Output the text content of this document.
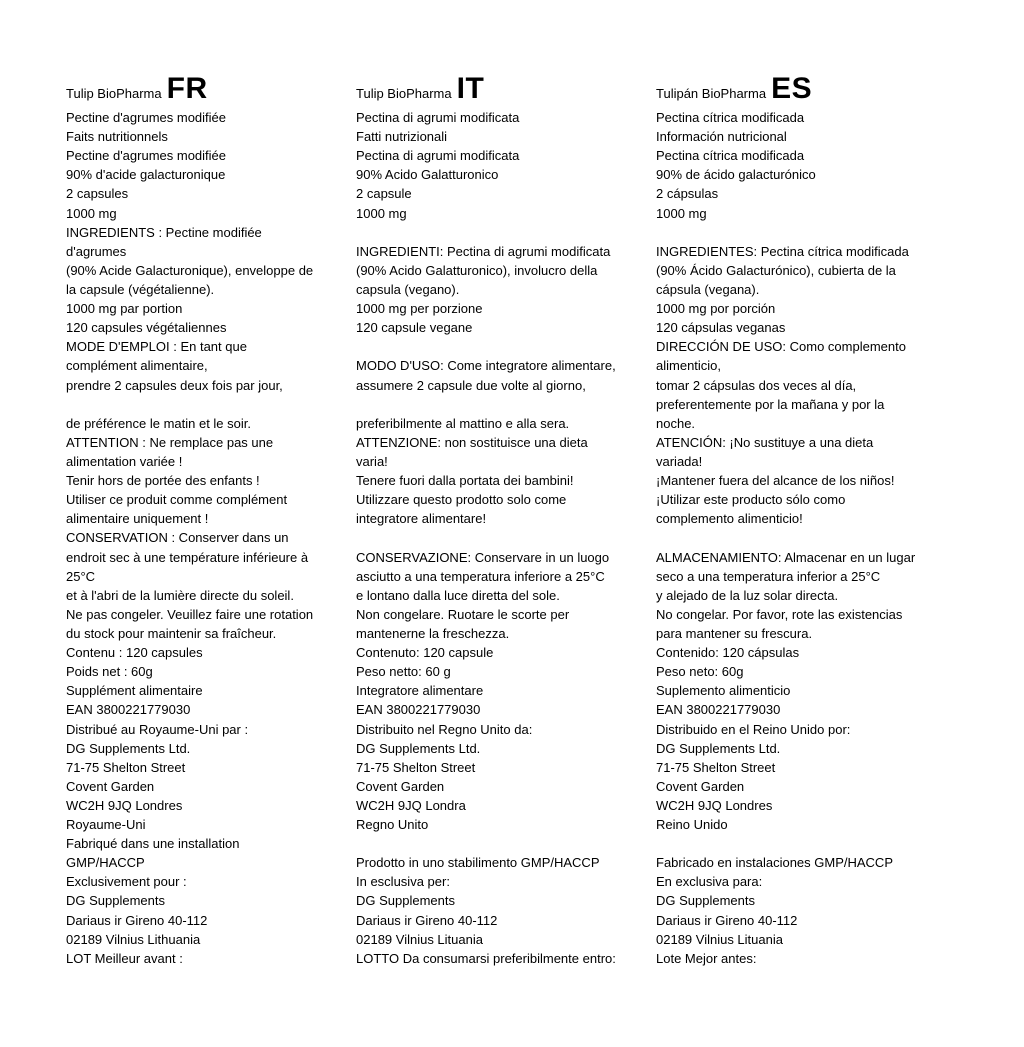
Tulip BioPharma FR
Pectine d'agrumes modifiée
Faits nutritionnels
Pectine d'agrumes modifiée
90% d'acide galacturonique
2 capsules
1000 mg
INGREDIENTS : Pectine modifiée
d'agrumes
(90% Acide Galacturonique), enveloppe de
la capsule (végétalienne).
1000 mg par portion
120 capsules végétaliennes
MODE D'EMPLOI : En tant que
complément alimentaire,
prendre 2 capsules deux fois par jour,

de préférence le matin et le soir.
ATTENTION : Ne remplace pas une
alimentation variée !
Tenir hors de portée des enfants !
Utiliser ce produit comme complément
alimentaire uniquement !
CONSERVATION : Conserver dans un
endroit sec à une température inférieure à
25°C
et à l'abri de la lumière directe du soleil.
Ne pas congeler. Veuillez faire une rotation
du stock pour maintenir sa fraîcheur.
Contenu : 120 capsules
Poids net : 60g
Supplément alimentaire
EAN 3800221779030
Distribué au Royaume-Uni par :
DG Supplements Ltd.
71-75 Shelton Street
Covent Garden
WC2H 9JQ Londres
Royaume-Uni
Fabriqué dans une installation
GMP/HACCP
Exclusivement pour :
DG Supplements
Dariaus ir Gireno 40-112
02189 Vilnius Lithuania
LOT Meilleur avant :
Tulip BioPharma IT
Pectina di agrumi modificata
Fatti nutrizionali
Pectina di agrumi modificata
90% Acido Galatturonico
2 capsule
1000 mg

INGREDIENTI: Pectina di agrumi modificata
(90% Acido Galatturonico), involucro della
capsula (vegano).
1000 mg per porzione
120 capsule vegane

MODO D'USO: Come integratore alimentare,
assumere 2 capsule due volte al giorno,

preferibilmente al mattino e alla sera.
ATTENZIONE: non sostituisce una dieta
varia!
Tenere fuori dalla portata dei bambini!
Utilizzare questo prodotto solo come
integratore alimentare!

CONSERVAZIONE: Conservare in un luogo
asciutto a una temperatura inferiore a 25°C
e lontano dalla luce diretta del sole.
Non congelare. Ruotare le scorte per
mantenerne la freschezza.
Contenuto: 120 capsule
Peso netto: 60 g
Integratore alimentare
EAN 3800221779030
Distribuito nel Regno Unito da:
DG Supplements Ltd.
71-75 Shelton Street
Covent Garden
WC2H 9JQ Londra
Regno Unito

Prodotto in uno stabilimento GMP/HACCP
In esclusiva per:
DG Supplements
Dariaus ir Gireno 40-112
02189 Vilnius Lituania
LOTTO Da consumarsi preferibilmente entro:
Tulipán BioPharma ES
Pectina cítrica modificada
Información nutricional
Pectina cítrica modificada
90% de ácido galacturónico
2 cápsulas
1000 mg

INGREDIENTES: Pectina cítrica modificada
(90% Ácido Galacturónico), cubierta de la
cápsula (vegana).
1000 mg por porción
120 cápsulas veganas
DIRECCIÓN DE USO: Como complemento
alimenticio,
tomar 2 cápsulas dos veces al día,
preferentemente por la mañana y por la
noche.
ATENCIÓN: ¡No sustituye a una dieta
variada!
¡Mantener fuera del alcance de los niños!
¡Utilizar este producto sólo como
complemento alimenticio!

ALMACENAMIENTO: Almacenar en un lugar
seco a una temperatura inferior a 25°C
y alejado de la luz solar directa.
No congelar. Por favor, rote las existencias
para mantener su frescura.
Contenido: 120 cápsulas
Peso neto: 60g
Suplemento alimenticio
EAN 3800221779030
Distribuido en el Reino Unido por:
DG Supplements Ltd.
71-75 Shelton Street
Covent Garden
WC2H 9JQ Londres
Reino Unido

Fabricado en instalaciones GMP/HACCP
En exclusiva para:
DG Supplements
Dariaus ir Gireno 40-112
02189 Vilnius Lituania
Lote Mejor antes:
